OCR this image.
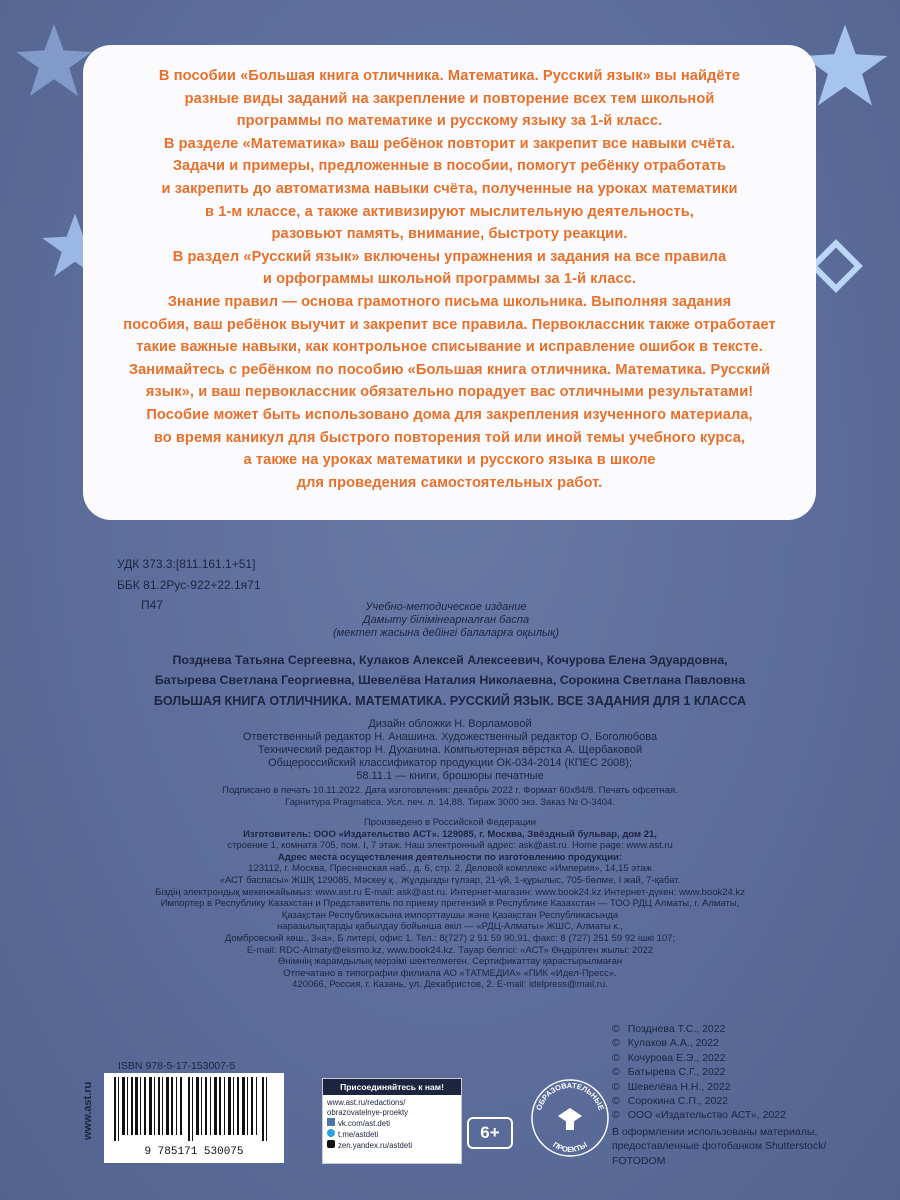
В пособии «Большая книга отличника. Математика. Русский язык» вы найдёте
разные виды заданий на закрепление и повторение всех тем школьной
программы по математике и русскому языку за 1-й класс.

В разделе «Математика» ваш ребёнок повторит и закрепит все навыки счёта.
Задачи и примеры, предложенные в пособии, помогут ребёнку отработать
и закрепить до автоматизма навыки счёта, полученные на уроках математики
в 1-м классе, а также активизируют мыслительную деятельность,
разовьют память, внимание, быстроту реакции.

В раздел «Русский язык» включены упражнения и задания на все правила
и орфограммы школьной программы за 1-й класс.

Знание правил — основа грамотного письма школьника. Выполняя задания
пособия, ваш ребёнок выучит и закрепит все правила. Первоклассник также отработает
такие важные навыки, как контрольное списывание и исправление ошибок в тексте.

Занимайтесь с ребёнком по пособию «Большая книга отличника. Математика. Русский
язык», и ваш первоклассник обязательно порадует вас отличными результатами!

Пособие может быть использовано дома для закрепления изученного материала,
во время каникул для быстрого повторения той или иной темы учебного курса,
а также на уроках математики и русского языка в школе
для проведения самостоятельных работ.

УДК 373.3:[811.161.1+51]
ББК 81.2Рус-922+22.1я71
П47	Учебно-методическое издание
Дамыту білімінеарналған баспа
(мектеп жасына дейінгі балаларға оқылық)
Позднева Татьяна Сергеевна, Кулаков Алексей Алексеевич, Кочурова Елена Эдуардовна,
Батырева Светлана Георгиевна, Шевелёва Наталия Николаевна, Сорокина Светлана Павловна
БОЛЬШАЯ КНИГА ОТЛИЧНИКА. МАТЕМАТИКА. РУССКИЙ ЯЗЫК. ВСЕ ЗАДАНИЯ ДЛЯ 1 КЛАССА
Дизайн обложки Н. Ворламовой
Ответственный редактор Н. Анашина. Художественный редактор О. Боголюбова
Технический редактор Н. Духанина. Компьютерная вёрстка А. Щербаковой
Общероссийский классификатор продукции ОК-034-2014 (КПЕС 2008);
58.11.1 — книги, брошюры печатные
Подписано в печать 10.11.2022. Дата изготовления: декабрь 2022 г. Формат 60х84/8. Печать офсетная.
Гарнитура Pragmatica. Усл. печ. л. 14,88. Тираж 3000 экз. Заказ № О-3404.
Произведено в Российской Федерации
Изготовитель: ООО «Издательство АСТ». 129085, г. Москва, Звёздный бульвар, дом 21,
строение 1, комната 705, пом. I, 7 этаж. Наш электронный адрес: ask@ast.ru. Home page: www.ast.ru
Адрес места осуществления деятельности по изготовлению продукции:
123112, г. Москва, Пресненская наб., д. 6, стр. 2, Деловой комплекс «Империя», 14,15 этаж
«АСТ баспасы» ЖШҚ 129085, Мәскеу қ., Жұлдызды гүлзар, 21-үй, 1-құрылыс, 705-бөлме, I жай, 7-қабат.
Біздің электрондық мекенжайымыз: www.ast.ru E-mail: ask@ast.ru. Интернет-магазин: www.book24.kz Интернет-дүкен: www.book24.kz
Импортер в Республику Казахстан и Представитель по приему претензий в Республике Казахстан — ТОО РДЦ Алматы, г. Алматы,
Қазақстан Республикасына импорттаушы және Қазақстан Республикасында
наразылықтарды қабылдау бойынша өкіл — «РДЦ-Алматы» ЖШС, Алматы к.,
Домбровский көш., 3«а», Б литері, офис 1. Тел.: 8(727) 2 51 59 90,91, факс: 8 (727) 251 59 92 ішкі 107;
E-mail: RDC-Almaty@eksmo.kz, www.book24.kz. Тауар белгісі: «АСТ» Өндірілген жылы: 2022
Өнімнің жарамдылық мерзімі шектелмеген. Сертификаттау қарастырылмаған
Отпечатано в типографии филиала АО «ТАТМЕДИА» «ПИК «Идел-Пресс».
420066, Россия, г. Казань, ул. Декабристов, 2. E-mail: idelpress@mail.ru.
© Позднева Т.С., 2022
© Кулаков А.А., 2022
© Кочурова Е.Э., 2022
© Батырева С.Г., 2022
© Шевелёва Н.Н., 2022
© Сорокина С.П., 2022
© ООО «Издательство АСТ», 2022
В оформлении использованы материалы,
предоставленные фотобанком Shutterstock/
FOTODOM
www.ast.ru
ISBN 978-5-17-153007-5
9 785171 530075
Присоединяйтесь к нам!
www.ast.ru/redactions/
obrazovatelnye-proekty
vk.com/ast.deti
t.me/astdeti
zen.yandex.ru/astdeti
6+
ОБРАЗОВАТЕЛЬНЫЕ
ПРОЕКТЫ
